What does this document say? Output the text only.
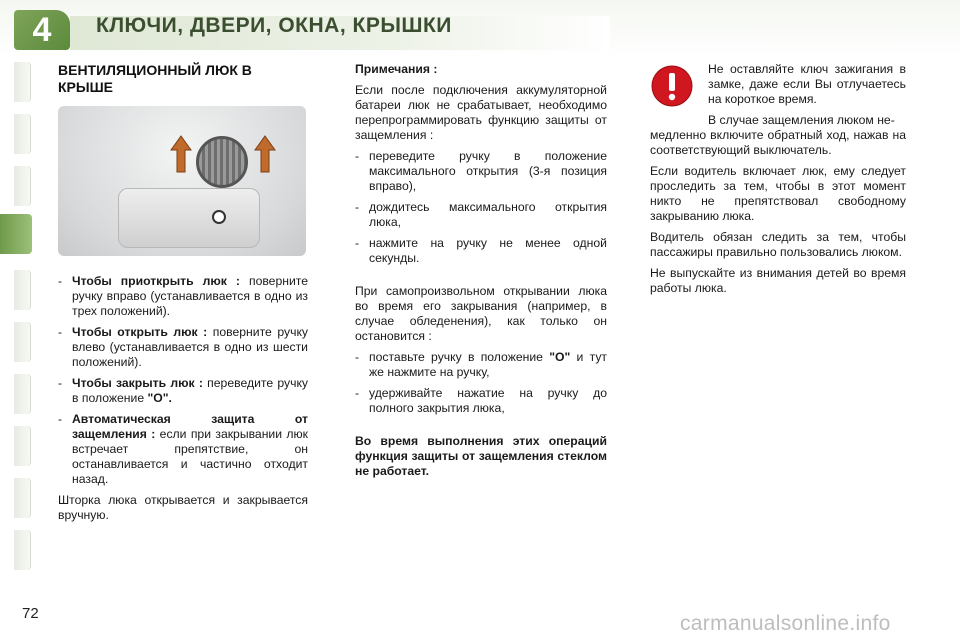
4	КЛЮЧИ, ДВЕРИ, ОКНА, КРЫШКИ
ВЕНТИЛЯЦИОННЫЙ ЛЮК В КРЫШЕ
- Чтобы приоткрыть люк : поверните ручку вправо (устанавливается в одно из трех положений).
- Чтобы открыть люк : поверните ручку влево (устанавливается в одно из шести положений).
- Чтобы закрыть люк : переведите ручку в положение "O".
- Автоматическая защита от защемления : если при закрывании люк встречает препятствие, он останавливается и частично отходит назад.

Шторка люка открывается и закрывается вручную.

Примечания :

Если после подключения аккумуляторной батареи люк не срабатывает, необходимо перепрограммировать функцию защиты от защемления :

- переведите ручку в положение максимального открытия (3-я позиция вправо),
- дождитесь максимального открытия люка,
- нажмите на ручку не менее одной секунды.

При самопроизвольном открывании люка во время его закрывания (например, в случае обледенения), как только он остановится :

- поставьте ручку в положение "O" и тут же нажмите на ручку,
- удерживайте нажатие на ручку до полного закрытия люка,

Во время выполнения этих операций функция защиты от защемления стеклом не работает.

Не оставляйте ключ зажигания в замке, даже если Вы отлучаетесь на короткое время.

В случае защемления люком не-

медленно включите обратный ход, нажав на соответствующий выключатель.

Если водитель включает люк, ему следует проследить за тем, чтобы в этот момент никто не препятствовал свободному закрыванию люка.

Водитель обязан следить за тем, чтобы пассажиры правильно пользовались люком.

Не выпускайте из внимания детей во время работы люка.

72	carmanualsonline.info
